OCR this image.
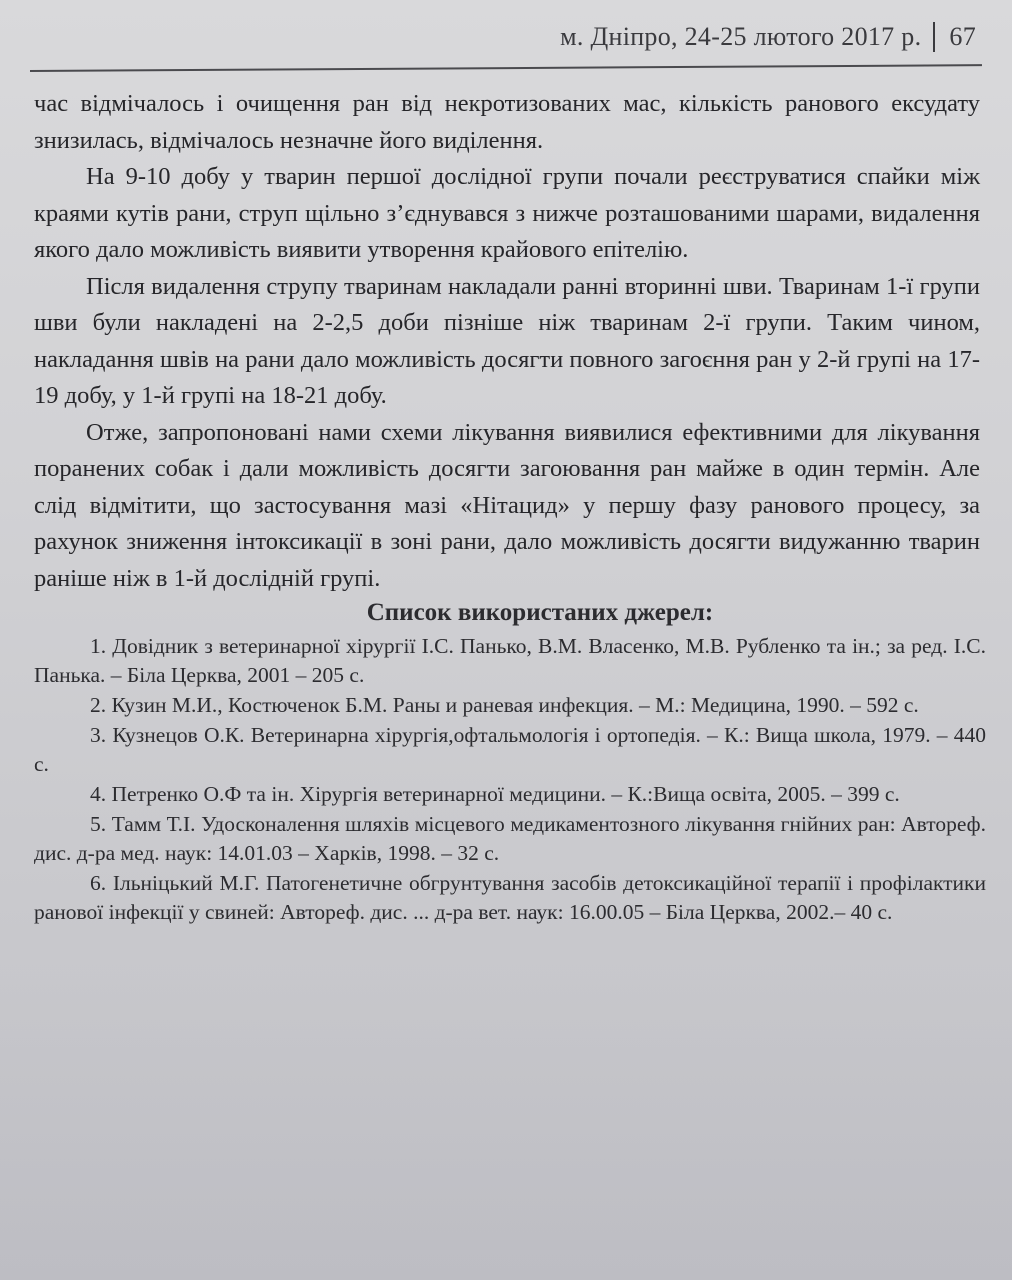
м. Дніпро, 24-25 лютого 2017 р. 67

час відмічалось і очищення ран від некротизованих мас, кількість ранового ексудату знизилась, відмічалось незначне його виділення.

На 9-10 добу у тварин першої дослідної групи почали реєструватися спайки між краями кутів рани, струп щільно з’єднувався з нижче розташованими шарами, видалення якого дало можливість виявити утворення крайового епітелію.

Після видалення струпу тваринам накладали ранні вторинні шви. Тваринам 1-ї групи шви були накладені на 2-2,5 доби пізніше ніж тваринам 2-ї групи. Таким чином, накладання швів на рани дало можливість досягти повного загоєння ран у 2-й групі на 17-19 добу, у 1-й групі на 18-21 добу.

Отже, запропоновані нами схеми лікування виявилися ефективними для лікування поранених собак і дали можливість досягти загоювання ран майже в один термін. Але слід відмітити, що застосування мазі «Нітацид» у першу фазу ранового процесу, за рахунок зниження інтоксикації в зоні рани, дало можливість досягти видужанню тварин раніше ніж в 1-й дослідній групі.

Список використаних джерел:
1. Довідник з ветеринарної хірургії І.С. Панько, В.М. Власенко, М.В. Рубленко та ін.; за ред. І.С. Панька. – Біла Церква, 2001 – 205 с.
2. Кузин М.И., Костюченок Б.М. Раны и раневая инфекция. – М.: Медицина, 1990. – 592 с.
3. Кузнецов О.К. Ветеринарна хірургія,офтальмологія і ортопедія. – К.: Вища школа, 1979. – 440 с.
4. Петренко О.Ф та ін. Хірургія ветеринарної медицини. – К.:Вища освіта, 2005. – 399 с.
5. Тамм Т.І. Удосконалення шляхів місцевого медикаментозного лікування гнійних ран: Автореф. дис. д-ра мед. наук: 14.01.03 – Харків, 1998. – 32 с.
6. Ільніцький М.Г. Патогенетичне обгрунтування засобів детоксикаційної терапії і профілактики ранової інфекції у свиней: Автореф. дис. ... д-ра вет. наук: 16.00.05 – Біла Церква, 2002.– 40 с.
